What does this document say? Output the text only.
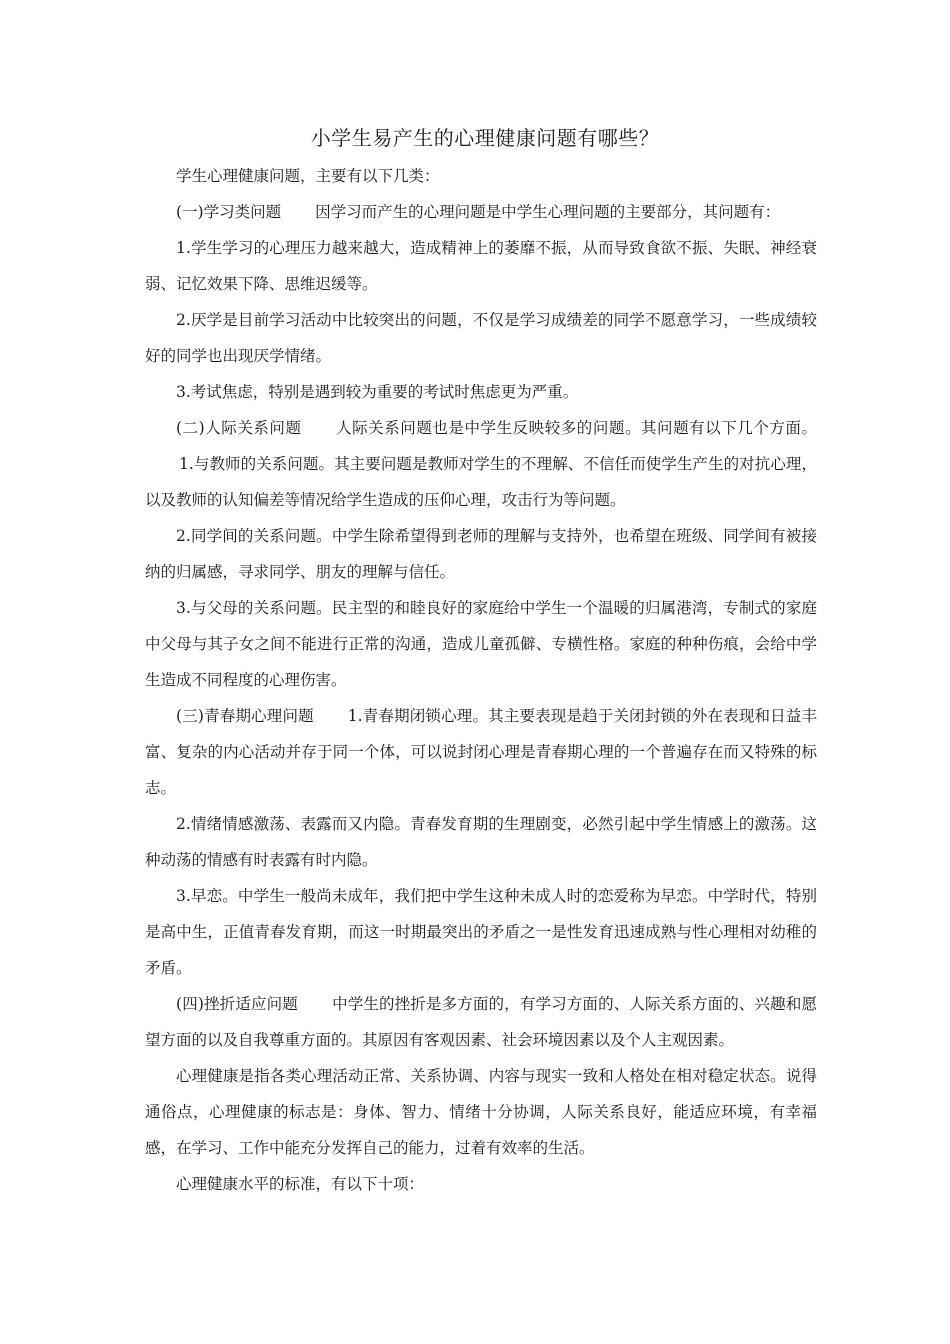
小学生易产生的心理健康问题有哪些？

学生心理健康问题，主要有以下几类：

(一)学习类问题 因学习而产生的心理问题是中学生心理问题的主要部分，其问题有：

1.学生学习的心理压力越来越大，造成精神上的萎靡不振，从而导致食欲不振、失眠、神经衰弱、记忆效果下降、思维迟缓等。

2.厌学是目前学习活动中比较突出的问题，不仅是学习成绩差的同学不愿意学习，一些成绩较好的同学也出现厌学情绪。

3.考试焦虑，特别是遇到较为重要的考试时焦虑更为严重。

(二)人际关系问题 人际关系问题也是中学生反映较多的问题。其问题有以下几个方面。1.与教师的关系问题。其主要问题是教师对学生的不理解、不信任而使学生产生的对抗心理，以及教师的认知偏差等情况给学生造成的压仰心理，攻击行为等问题。

2.同学间的关系问题。中学生除希望得到老师的理解与支持外，也希望在班级、同学间有被接纳的归属感，寻求同学、朋友的理解与信任。

3.与父母的关系问题。民主型的和睦良好的家庭给中学生一个温暖的归属港湾，专制式的家庭中父母与其子女之间不能进行正常的沟通，造成儿童孤僻、专横性格。家庭的种种伤痕，会给中学生造成不同程度的心理伤害。

(三)青春期心理问题 1.青春期闭锁心理。其主要表现是趋于关闭封锁的外在表现和日益丰富、复杂的内心活动并存于同一个体，可以说封闭心理是青春期心理的一个普遍存在而又特殊的标志。

2.情绪情感激荡、表露而又内隐。青春发育期的生理剧变，必然引起中学生情感上的激荡。这种动荡的情感有时表露有时内隐。

3.早恋。中学生一般尚未成年，我们把中学生这种未成人时的恋爱称为早恋。中学时代，特别是高中生，正值青春发育期，而这一时期最突出的矛盾之一是性发育迅速成熟与性心理相对幼稚的矛盾。

(四)挫折适应问题 中学生的挫折是多方面的，有学习方面的、人际关系方面的、兴趣和愿望方面的以及自我尊重方面的。其原因有客观因素、社会环境因素以及个人主观因素。

心理健康是指各类心理活动正常、关系协调、内容与现实一致和人格处在相对稳定状态。说得通俗点，心理健康的标志是：身体、智力、情绪十分协调，人际关系良好，能适应环境，有幸福感，在学习、工作中能充分发挥自己的能力，过着有效率的生活。

心理健康水平的标准，有以下十项：
